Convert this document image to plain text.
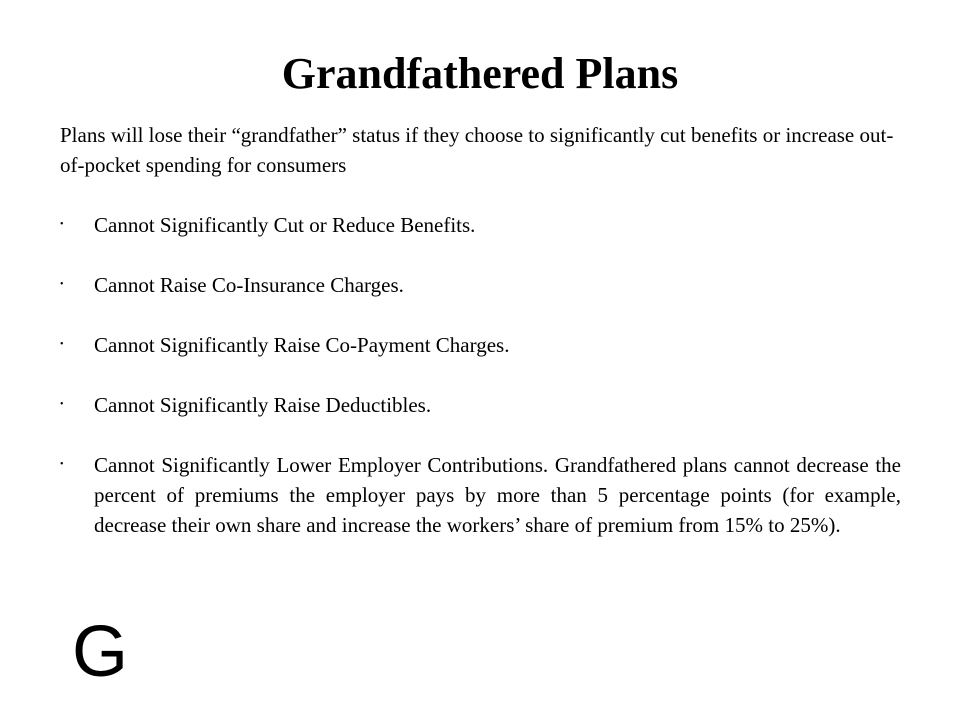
Grandfathered Plans

Plans will lose their “grandfather” status if they choose to significantly cut benefits or increase out-of-pocket spending for consumers

•	Cannot Significantly Cut or Reduce Benefits.
•	Cannot Raise Co-Insurance Charges.
•	Cannot Significantly Raise Co-Payment Charges.
•	Cannot Significantly Raise Deductibles.
•	Cannot Significantly Lower Employer Contributions. Grandfathered plans cannot decrease the percent of premiums the employer pays by more than 5 percentage points (for example, decrease their own share and increase the workers’ share of premium from 15% to 25%).
G
